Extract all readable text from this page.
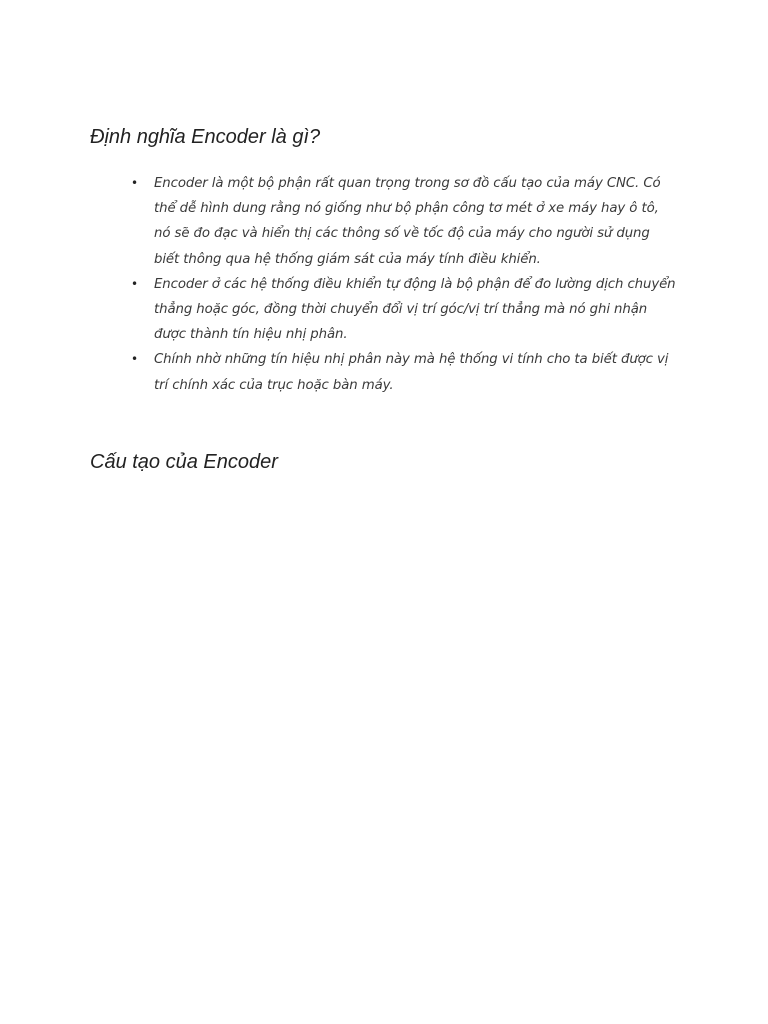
Định nghĩa Encoder là gì?
• Encoder là một bộ phận rất quan trọng trong sơ đồ cấu tạo của máy CNC. Có thể dễ hình dung rằng nó giống như bộ phận công tơ mét ở xe máy hay ô tô, nó sẽ đo đạc và hiển thị các thông số về tốc độ của máy cho người sử dụng biết thông qua hệ thống giám sát của máy tính điều khiển.
• Encoder ở các hệ thống điều khiển tự động là bộ phận để đo lường dịch chuyển thẳng hoặc góc, đồng thời chuyển đổi vị trí góc/vị trí thẳng mà nó ghi nhận được thành tín hiệu nhị phân.
• Chính nhờ những tín hiệu nhị phân này mà hệ thống vi tính cho ta biết được vị trí chính xác của trục hoặc bàn máy.
Cấu tạo của Encoder
